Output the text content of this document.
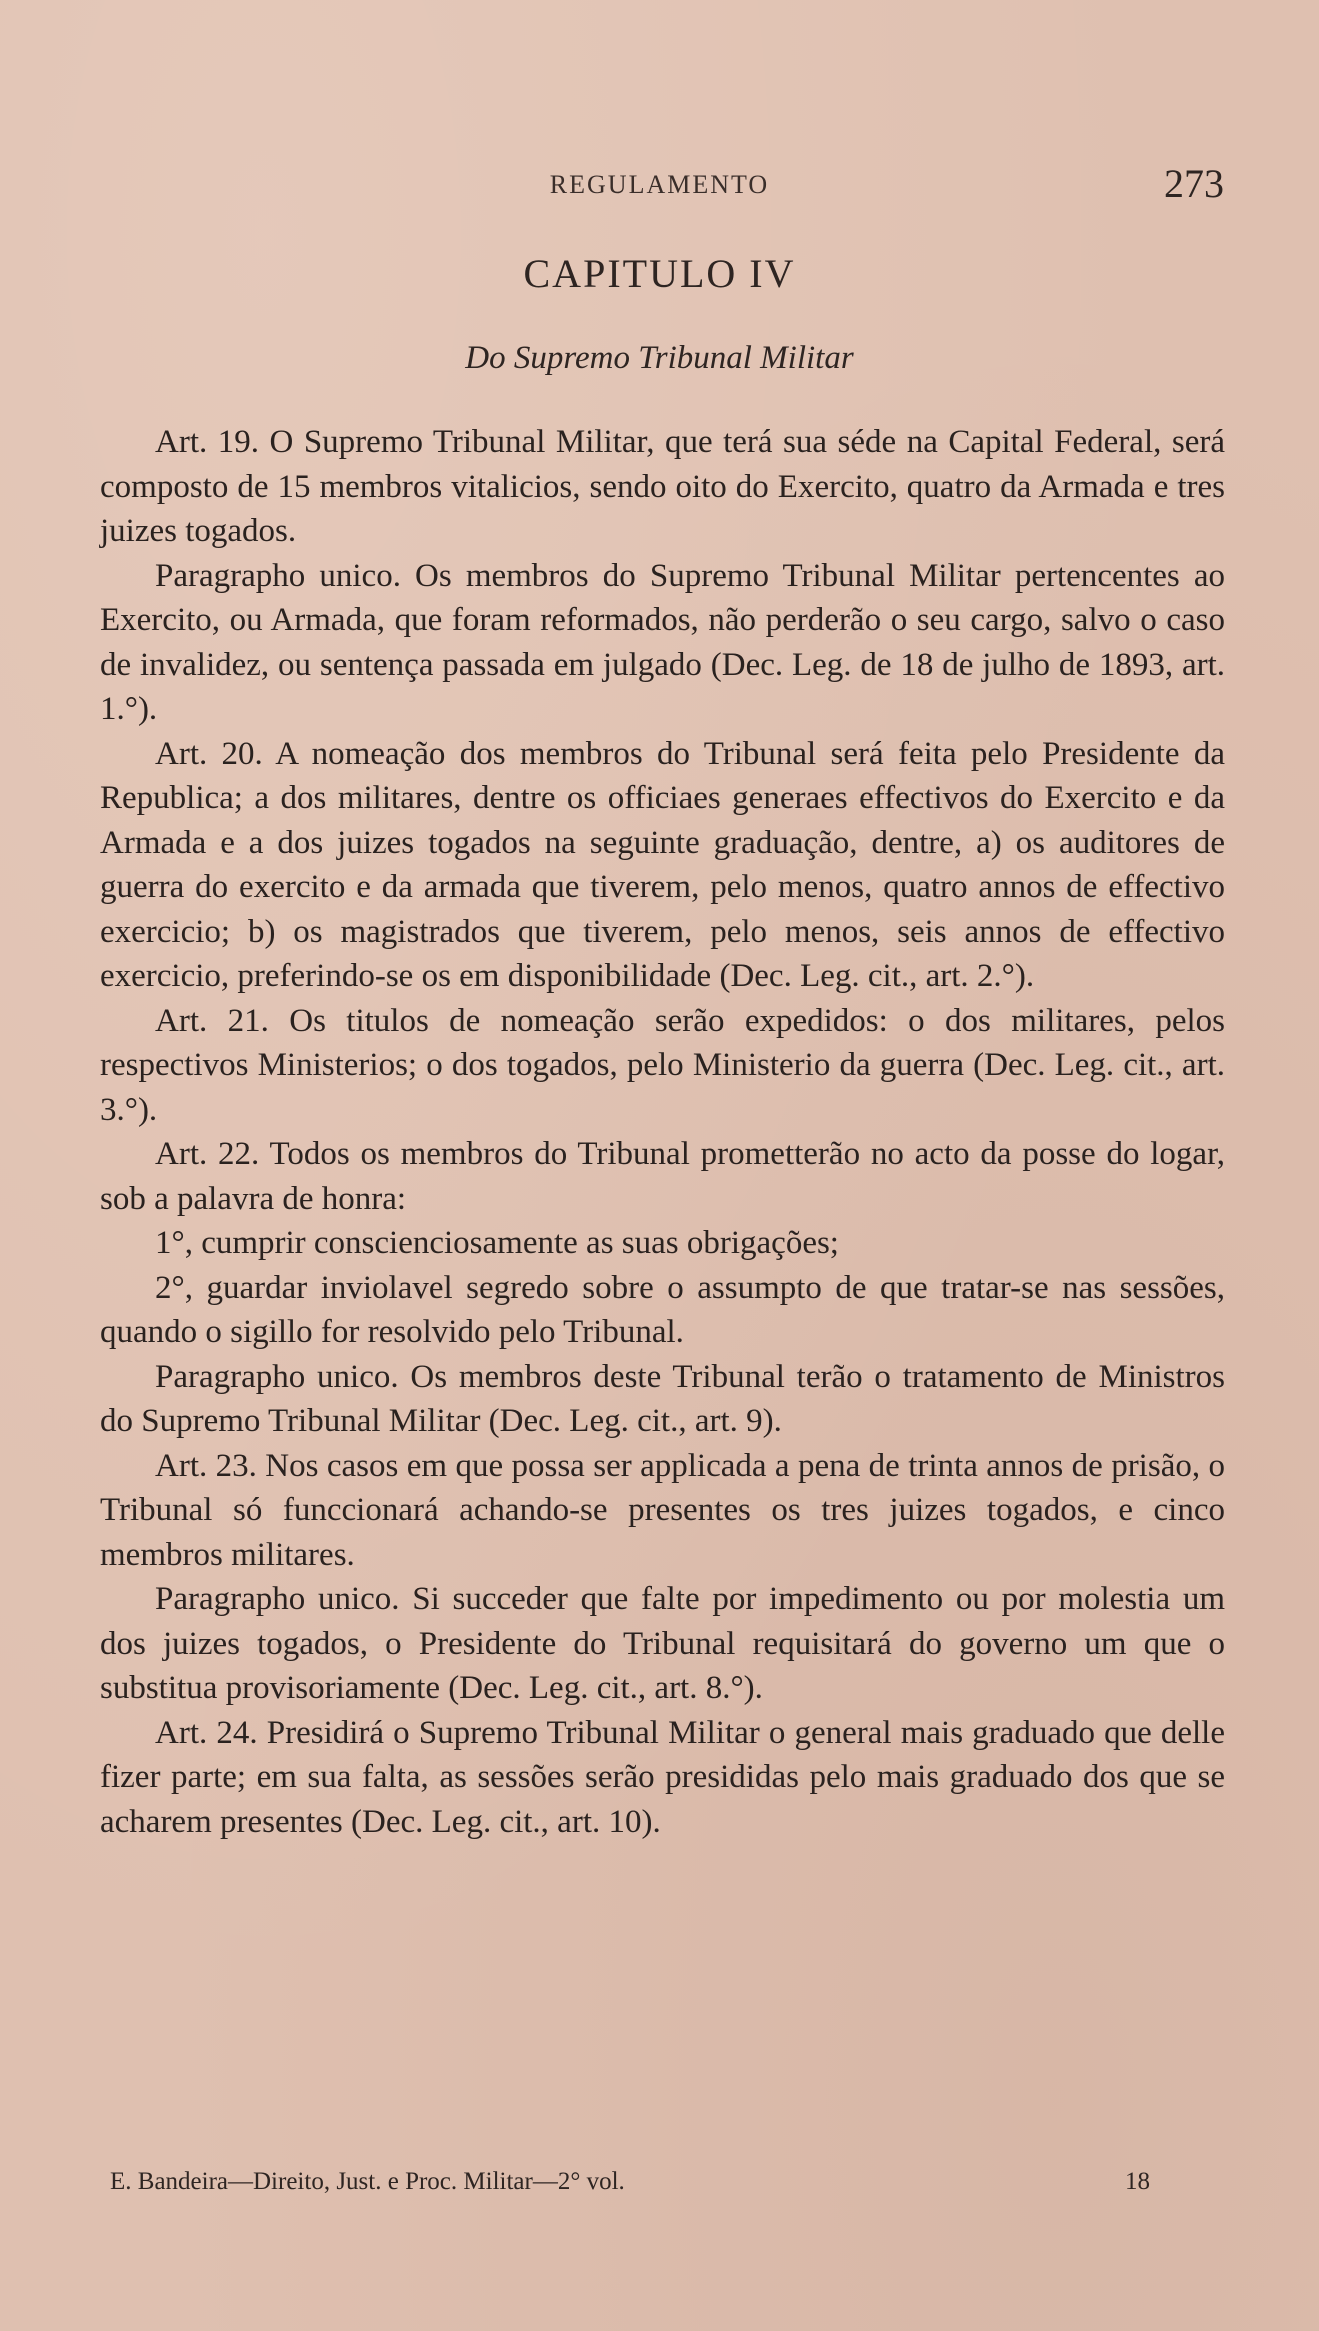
REGULAMENTO	273
CAPITULO IV
Do Supremo Tribunal Militar

Art. 19. O Supremo Tribunal Militar, que terá sua séde na Capital Federal, será composto de 15 membros vitalicios, sendo oito do Exercito, quatro da Armada e tres juizes togados.

Paragrapho unico. Os membros do Supremo Tribunal Militar pertencentes ao Exercito, ou Armada, que foram reformados, não perderão o seu cargo, salvo o caso de invalidez, ou sentença passada em julgado (Dec. Leg. de 18 de julho de 1893, art. 1.°).

Art. 20. A nomeação dos membros do Tribunal será feita pelo Presidente da Republica; a dos militares, dentre os officiaes generaes effectivos do Exercito e da Armada e a dos juizes togados na seguinte graduação, dentre, a) os auditores de guerra do exercito e da armada que tiverem, pelo menos, quatro annos de effectivo exercicio; b) os magistrados que tiverem, pelo menos, seis annos de effectivo exercicio, preferindo-se os em disponibilidade (Dec. Leg. cit., art. 2.°).

Art. 21. Os titulos de nomeação serão expedidos: o dos militares, pelos respectivos Ministerios; o dos togados, pelo Ministerio da guerra (Dec. Leg. cit., art. 3.°).

Art. 22. Todos os membros do Tribunal prometterão no acto da posse do logar, sob a palavra de honra:

1°, cumprir conscienciosamente as suas obrigações;

2°, guardar inviolavel segredo sobre o assumpto de que tratar-se nas sessões, quando o sigillo for resolvido pelo Tribunal.

Paragrapho unico. Os membros deste Tribunal terão o tratamento de Ministros do Supremo Tribunal Militar (Dec. Leg. cit., art. 9).

Art. 23. Nos casos em que possa ser applicada a pena de trinta annos de prisão, o Tribunal só funccionará achando-se presentes os tres juizes togados, e cinco membros militares.

Paragrapho unico. Si succeder que falte por impedimento ou por molestia um dos juizes togados, o Presidente do Tribunal requisitará do governo um que o substitua provisoriamente (Dec. Leg. cit., art. 8.°).

Art. 24. Presidirá o Supremo Tribunal Militar o general mais graduado que delle fizer parte; em sua falta, as sessões serão presididas pelo mais graduado dos que se acharem presentes (Dec. Leg. cit., art. 10).

E. Bandeira—Direito, Just. e Proc. Militar—2° vol.	18
